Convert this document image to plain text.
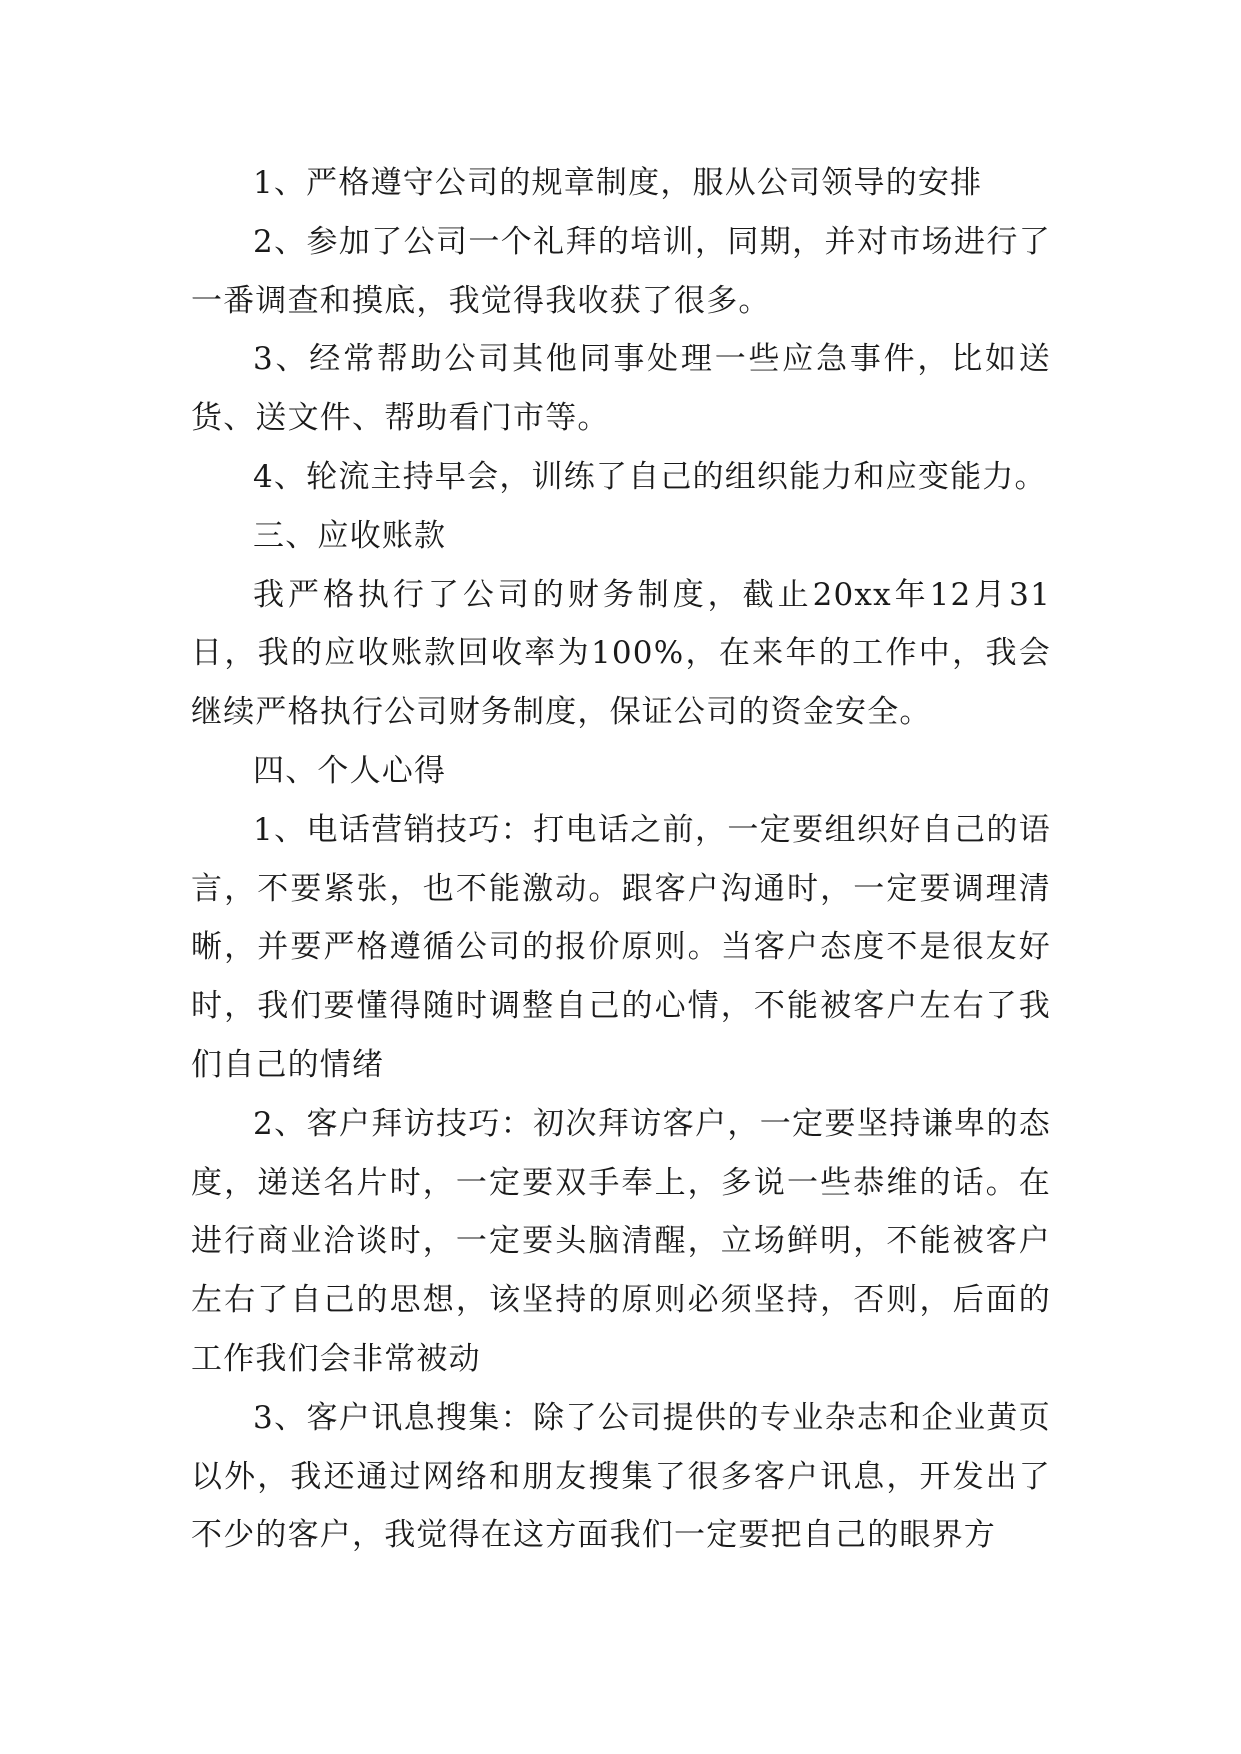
1、严格遵守公司的规章制度，服从公司领导的安排

2、参加了公司一个礼拜的培训，同期，并对市场进行了一番调查和摸底，我觉得我收获了很多。

3、经常帮助公司其他同事处理一些应急事件，比如送货、送文件、帮助看门市等。

4、轮流主持早会，训练了自己的组织能力和应变能力。

三、应收账款

我严格执行了公司的财务制度，截止20xx年12月31日，我的应收账款回收率为100%，在来年的工作中，我会继续严格执行公司财务制度，保证公司的资金安全。

四、个人心得

1、电话营销技巧：打电话之前，一定要组织好自己的语言，不要紧张，也不能激动。跟客户沟通时，一定要调理清晰，并要严格遵循公司的报价原则。当客户态度不是很友好时，我们要懂得随时调整自己的心情，不能被客户左右了我们自己的情绪

2、客户拜访技巧：初次拜访客户，一定要坚持谦卑的态度，递送名片时，一定要双手奉上，多说一些恭维的话。在进行商业洽谈时，一定要头脑清醒，立场鲜明，不能被客户左右了自己的思想，该坚持的原则必须坚持，否则，后面的工作我们会非常被动

3、客户讯息搜集：除了公司提供的专业杂志和企业黄页以外，我还通过网络和朋友搜集了很多客户讯息，开发出了不少的客户，我觉得在这方面我们一定要把自己的眼界方
